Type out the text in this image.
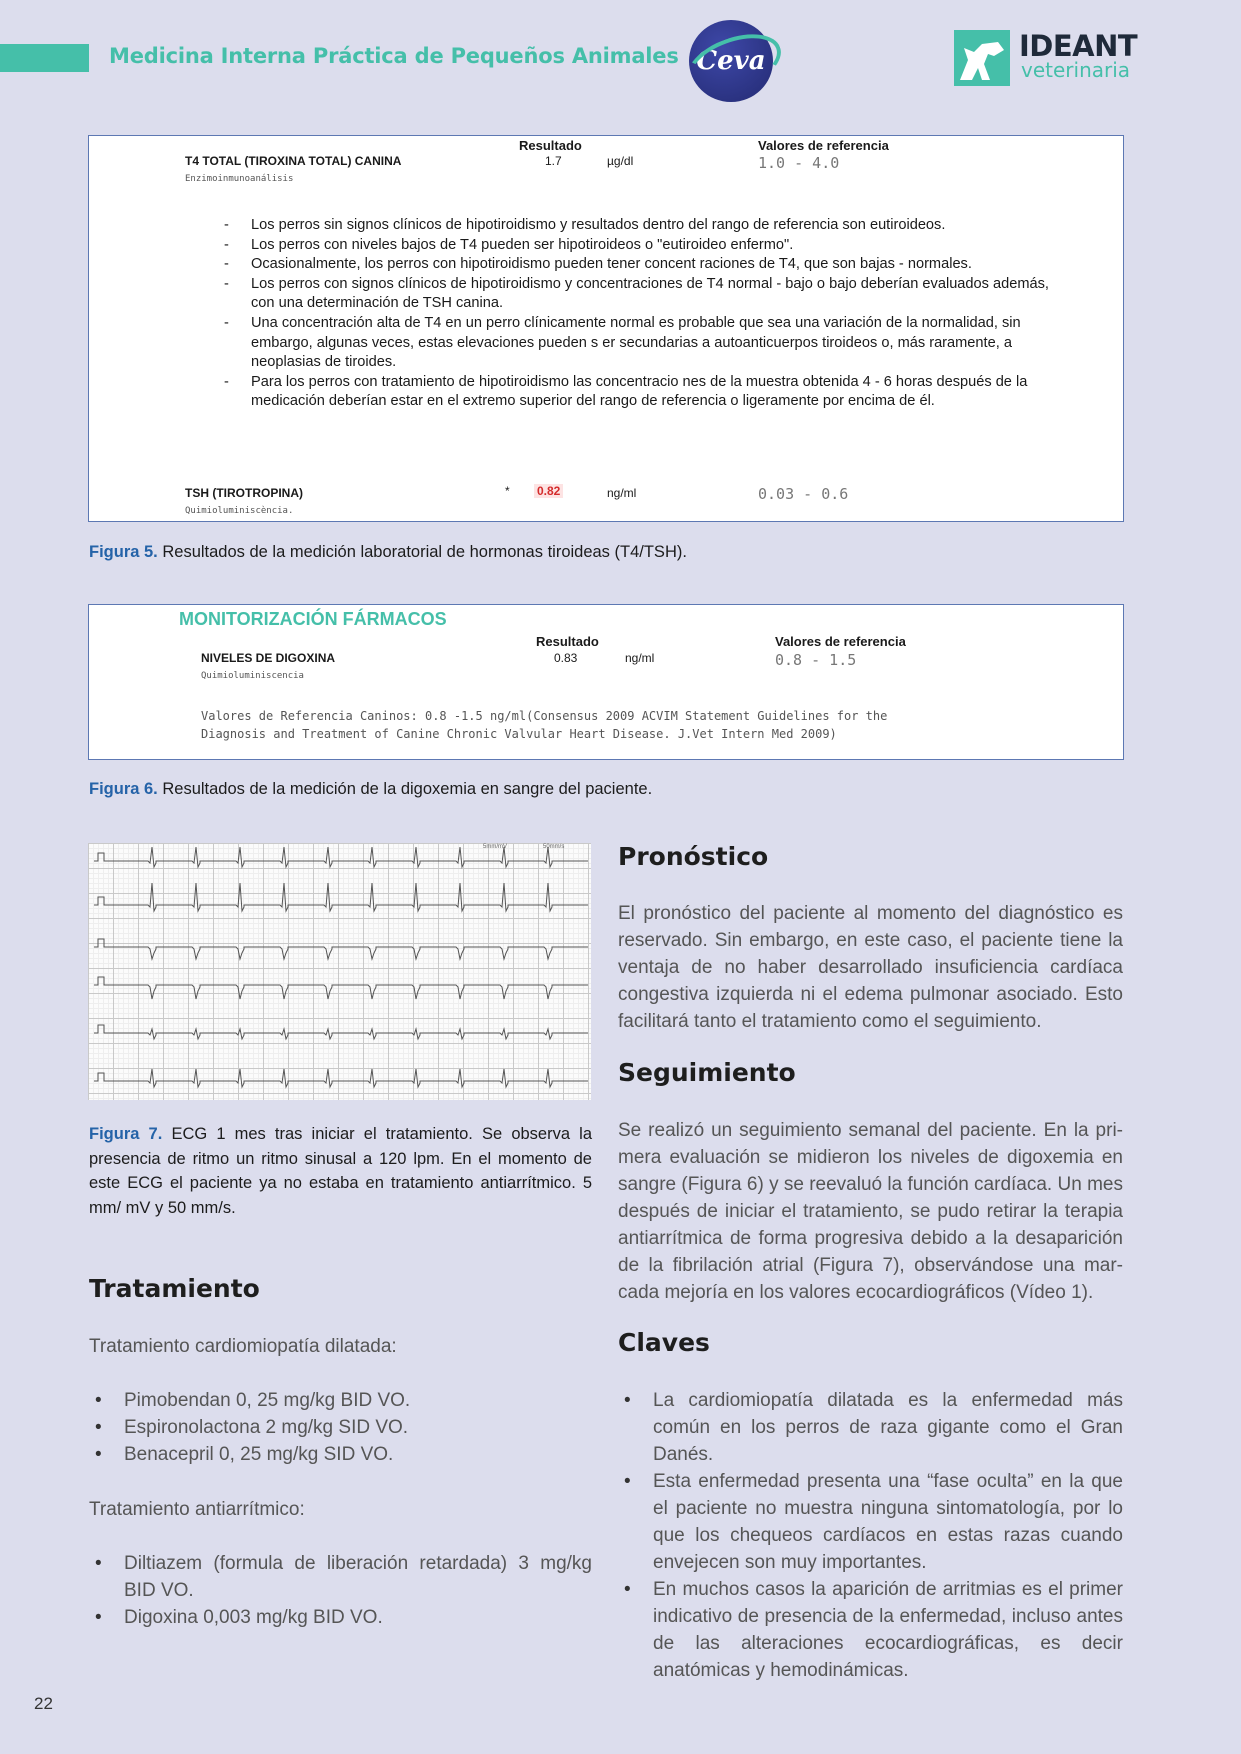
Medicina Interna Práctica de Pequeños Animales Ceva	IDEANT
veterinaria
Resultado	Valores de referencia
T4 TOTAL (TIROXINA TOTAL) CANINA	1.7	µg/dl	1.0 - 4.0
Enzimoinmunoanálisis
- Los perros sin signos clínicos de hipotiroidismo y resultados dentro del rango de referencia son eutiroideos.
- Los perros con niveles bajos de T4 pueden ser hipotiroideos o "eutiroideo enfermo".
- Ocasionalmente, los perros con hipotiroidismo pueden tener concent raciones de T4, que son bajas - normales.
- Los perros con signos clínicos de hipotiroidismo y concentraciones de T4 normal - bajo o bajo deberían evaluados además, con una determinación de TSH canina.
- Una concentración alta de T4 en un perro clínicamente normal es probable que sea una variación de la normalidad, sin embargo, algunas veces, estas elevaciones pueden s er secundarias a autoanticuerpos tiroideos o, más raramente, a neoplasias de tiroides.
- Para los perros con tratamiento de hipotiroidismo las concentracio nes de la muestra obtenida 4 - 6 horas después de la medicación deberían estar en el extremo superior del rango de referencia o ligeramente por encima de él.
TSH (TIROTROPINA)	* 0.82	ng/ml	0.03 - 0.6
Quimioluminiscència.
Figura 5. Resultados de la medición laboratorial de hormonas tiroideas (T4/TSH).
MONITORIZACIÓN FÁRMACOS
Resultado	Valores de referencia
NIVELES DE DIGOXINA	0.83	ng/ml	0.8 - 1.5
Quimioluminiscencia
Valores de Referencia Caninos: 0.8 -1.5 ng/ml(Consensus 2009 ACVIM Statement Guidelines for the
Diagnosis and Treatment of Canine Chronic Valvular Heart Disease. J.Vet Intern Med 2009)
Figura 6. Resultados de la medición de la digoxemia en sangre del paciente.
5mm/mV	50mm/s
Figura 7. ECG 1 mes tras iniciar el tratamiento. Se observa la presencia de ritmo un ritmo sinusal a 120 lpm. En el momento de este ECG el paciente ya no estaba en tratamiento antiarrítmico. 5 mm/ mV y 50 mm/s.
Tratamiento
Tratamiento cardiomiopatía dilatada:
• Pimobendan 0, 25 mg/kg BID VO.
• Espironolactona 2 mg/kg SID VO.
• Benacepril 0, 25 mg/kg SID VO.
Tratamiento antiarrítmico:
• Diltiazem (formula de liberación retardada) 3 mg/kg BID VO.
• Digoxina 0,003 mg/kg BID VO.
Pronóstico
El pronóstico del paciente al momento del diagnóstico es reservado. Sin embargo, en este caso, el paciente tiene la ventaja de no haber desarrollado insuficiencia cardíaca congestiva izquierda ni el edema pulmonar asociado. Esto facilitará tanto el tratamiento como el seguimiento.
Seguimiento
Se realizó un seguimiento semanal del paciente. En la primera evaluación se midieron los niveles de digoxemia en sangre (Figura 6) y se reevaluó la función cardíaca. Un mes después de iniciar el tratamiento, se pudo retirar la terapia antiarrítmica de forma progresiva debido a la desaparición de la fibrilación atrial (Figura 7), observándose una marcada mejoría en los valores ecocardiográficos (Vídeo 1).
Claves
• La cardiomiopatía dilatada es la enfermedad más común en los perros de raza gigante como el Gran Danés.
• Esta enfermedad presenta una “fase oculta” en la que el paciente no muestra ninguna sintomatología, por lo que los chequeos cardíacos en estas razas cuando envejecen son muy importantes.
• En muchos casos la aparición de arritmias es el primer indicativo de presencia de la enfermedad, incluso antes de las alteraciones ecocardiográficas, es decir anatómicas y hemodinámicas.
22
